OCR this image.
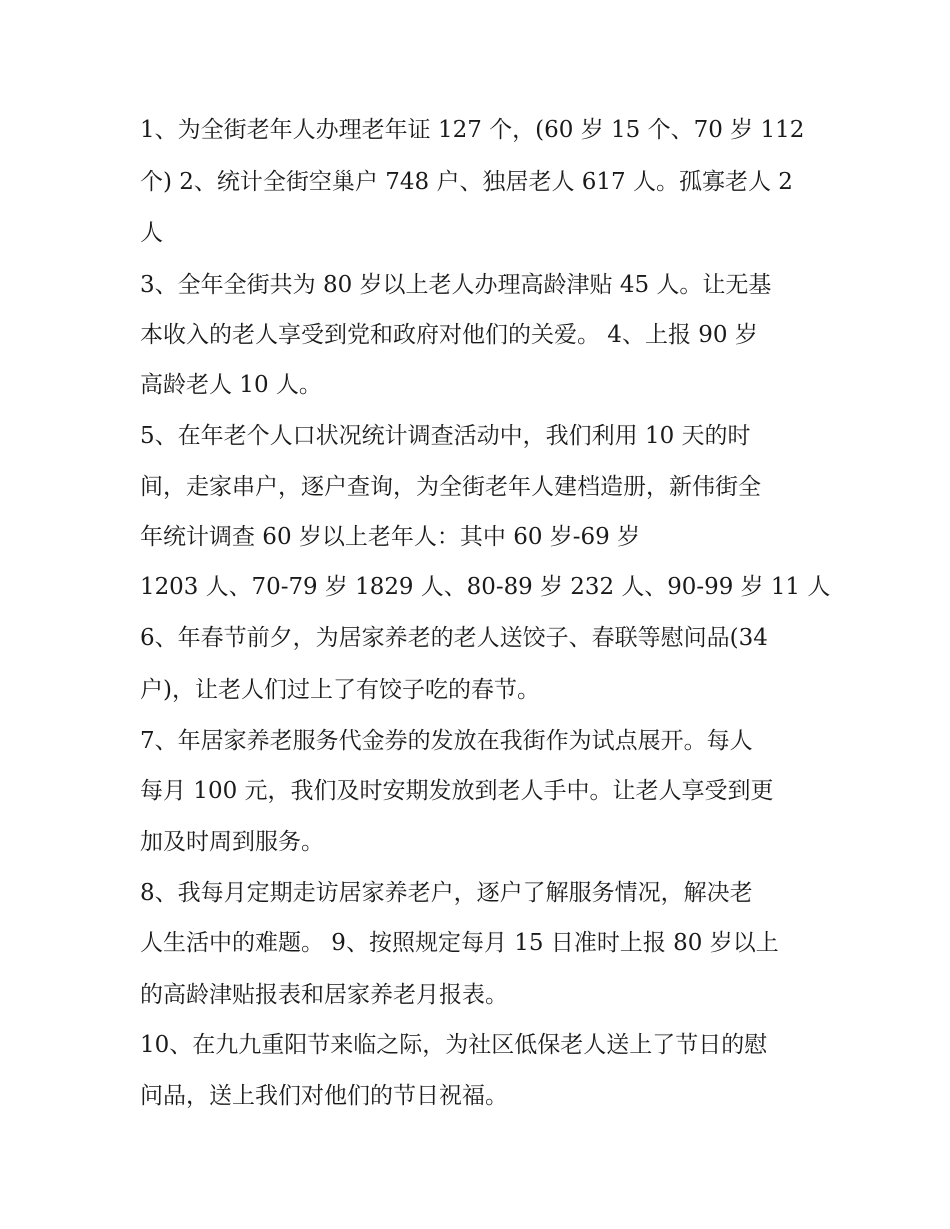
1、为全街老年人办理老年证 127 个，(60 岁 15 个、70 岁 112
个) 2、统计全街空巢户 748 户、独居老人 617 人。孤寡老人 2
人
3、全年全街共为 80 岁以上老人办理高龄津贴 45 人。让无基
本收入的老人享受到党和政府对他们的关爱。 4、上报 90 岁
高龄老人 10 人。
5、在年老个人口状况统计调查活动中，我们利用 10 天的时
间，走家串户，逐户查询，为全街老年人建档造册，新伟街全
年统计调查 60 岁以上老年人：其中 60 岁-69 岁
1203 人、70-79 岁 1829 人、80-89 岁 232 人、90-99 岁 11 人
6、年春节前夕，为居家养老的老人送饺子、春联等慰问品(34
户)，让老人们过上了有饺子吃的春节。
7、年居家养老服务代金券的发放在我街作为试点展开。每人
每月 100 元，我们及时安期发放到老人手中。让老人享受到更
加及时周到服务。
8、我每月定期走访居家养老户，逐户了解服务情况，解决老
人生活中的难题。 9、按照规定每月 15 日准时上报 80 岁以上
的高龄津贴报表和居家养老月报表。
10、在九九重阳节来临之际，为社区低保老人送上了节日的慰
问品，送上我们对他们的节日祝福。
